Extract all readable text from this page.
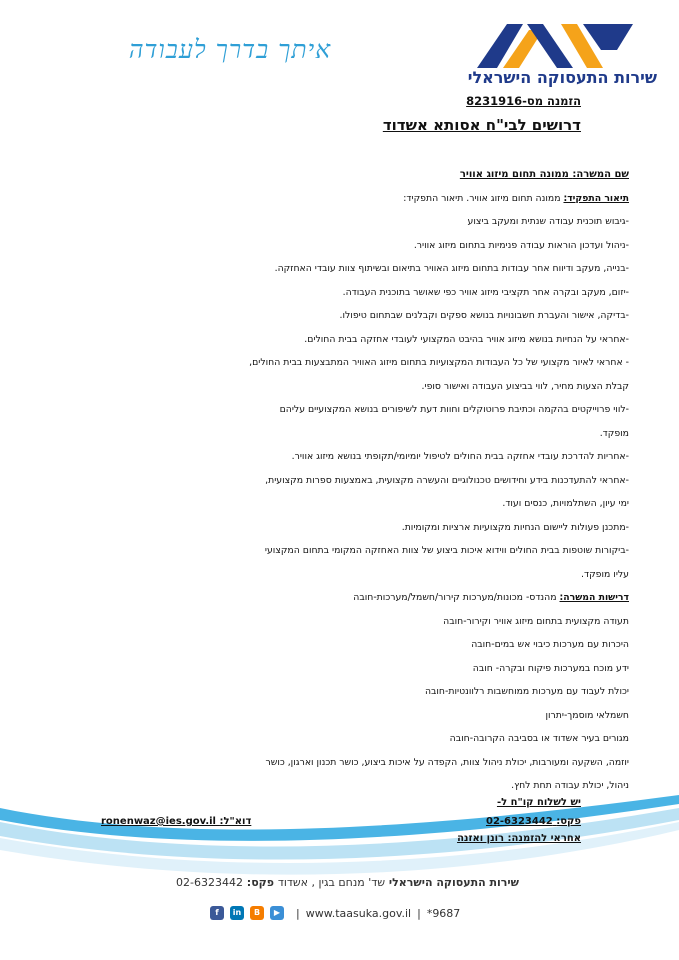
שירות התעסוקה הישראלי
איתך בדרך לעבודה
הזמנה מס-8231916
דרושים לבי"ח אסותא אשדוד
שם המשרה: ממונה תחום מיזוג אוויר
תיאור התפקיד: ממונה תחום מיזוג אוויר. תיאור התפקיד:
-גיבוש תוכנית עבודה שנתית ומעקב ביצוע
-ניהול ועדכון הוראות עבודה פנימיות בתחום מיזוג אוויר.
-בנייה, מעקב ודיווח אחר עבודות בתחום מיזוג האוויר בתיאום ובשיתוף צוות עובדי האחזקה.
-יזום, מעקב ובקרה אחר תקציבי מיזוג אוויר כפי שאושר בתוכנית העבודה.
-בדיקה, אישור והעברת חשבונויות בנושא ספקים וקבלנים שבתחום טיפולו.
-אחראי על הנחיות בנושא מיזוג אוויר בהיבט המקצועי לעובדי אחזקה בבית החולים.
- אחראי לאיור מקצועי של כל העבודות המקצועיות בתחום מיזוג האוויר המתבצעות בבית החולים,
קבלת הצעות מחיר, לווי בביצוע העבודה ואישור סופי.
-לווי פרוייקטים בהקמה וכתיבת פרוטוקלים וחוות דעת לשיפורים בנושא המקצועיים עליהם
מופקד.
-אחריות להדרכת עובדי אחזקה בבית החולים לטיפול יומיומי/תקופתי בנושא מיזוג אוויר.
-אחראי להתעדכנות בידע וחידושים טכנולוגיים והעשרה מקצועית, באמצעות ספרות מקצועית,
ימי עיון, השתלמויות, כנסים ועוד.
-מתכנן פעולות ליישום הנחיות מקצועיות ארציות ומקומיות.
-ביקורות שוטפות בבית החולים ווידוא איכות ביצוע של צוות האחזקה המקומי בתחום המקצועי
עליו מופקד.
דרישות המשרה: מהנדס- מכונות/מערכות קירור/חשמל/מערכות-חובה
תעודה מקצועית בתחום מיזוג אוויר וקירור-חובה
היכרות עם מערכות כיבוי אש במים-חובה
ידע מוכח במערכות פיקוח ובקרה- חובה
יכולת לעבוד עם מערכות ממוחשבות רלוונטיות-חובה
חשמלאי מוסמך-יתרון
מגורים בעיר אשדוד או בסביבה הקרובה-חובה
יוזמה, השקעה ומעורבות, יכולת ניהול צוות, הקפדה על איכות ביצוע, כושר תכנון וארגון, כושר
ניהול, יכולת עבודה תחת לחץ.
יש לשלוח קו"ח ל-
פקס: 02-6323442
דוא"ל: ronenwaz@ies.gov.il
אחראי להזמנה: רונן ואזנה
שירות התעסוקה הישראלי שד' מנחם בגין , אשדוד פקס: 02-6323442
f	in	B	▶	| www.taasuka.gov.il | *9687
